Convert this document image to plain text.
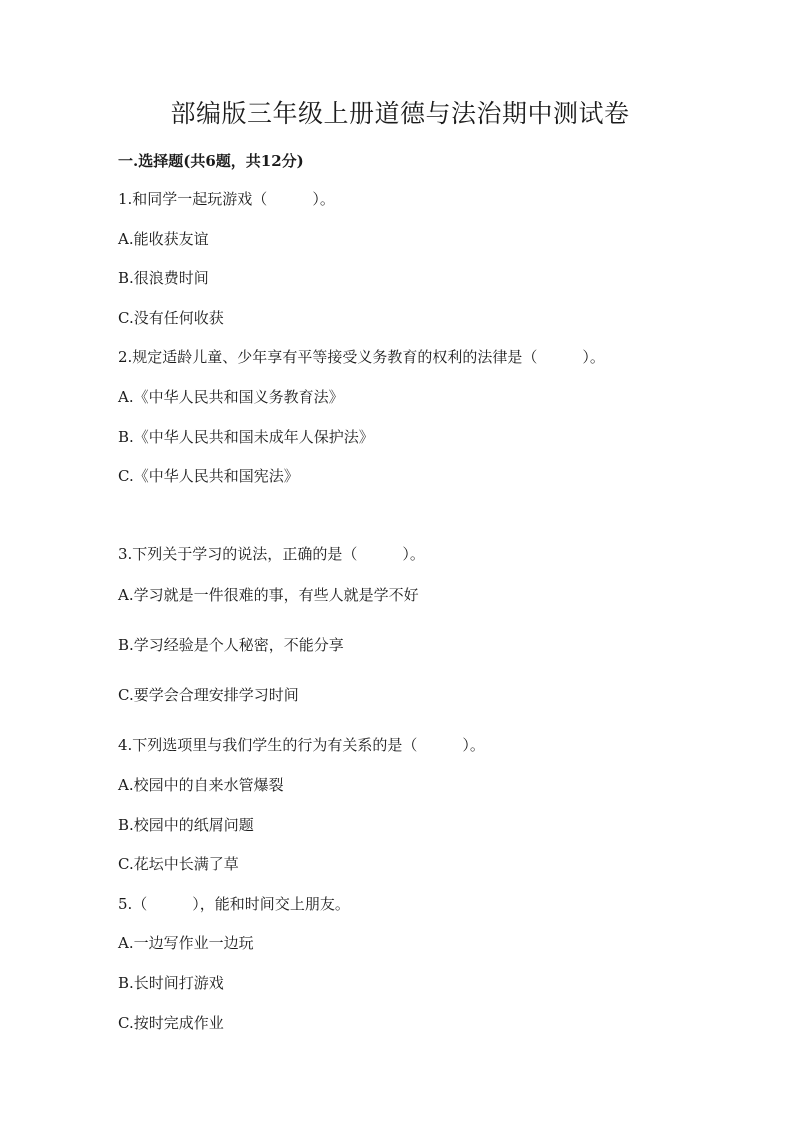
部编版三年级上册道德与法治期中测试卷
一.选择题(共6题，共12分)
1.和同学一起玩游戏（　　　）。
A.能收获友谊
B.很浪费时间
C.没有任何收获
2.规定适龄儿童、少年享有平等接受义务教育的权利的法律是（　　　）。
A.《中华人民共和国义务教育法》
B.《中华人民共和国未成年人保护法》
C.《中华人民共和国宪法》
3.下列关于学习的说法，正确的是（　　　）。
A.学习就是一件很难的事，有些人就是学不好
B.学习经验是个人秘密，不能分享
C.要学会合理安排学习时间
4.下列选项里与我们学生的行为有关系的是（　　　）。
A.校园中的自来水管爆裂
B.校园中的纸屑问题
C.花坛中长满了草
5.（　　　），能和时间交上朋友。
A.一边写作业一边玩
B.长时间打游戏
C.按时完成作业
